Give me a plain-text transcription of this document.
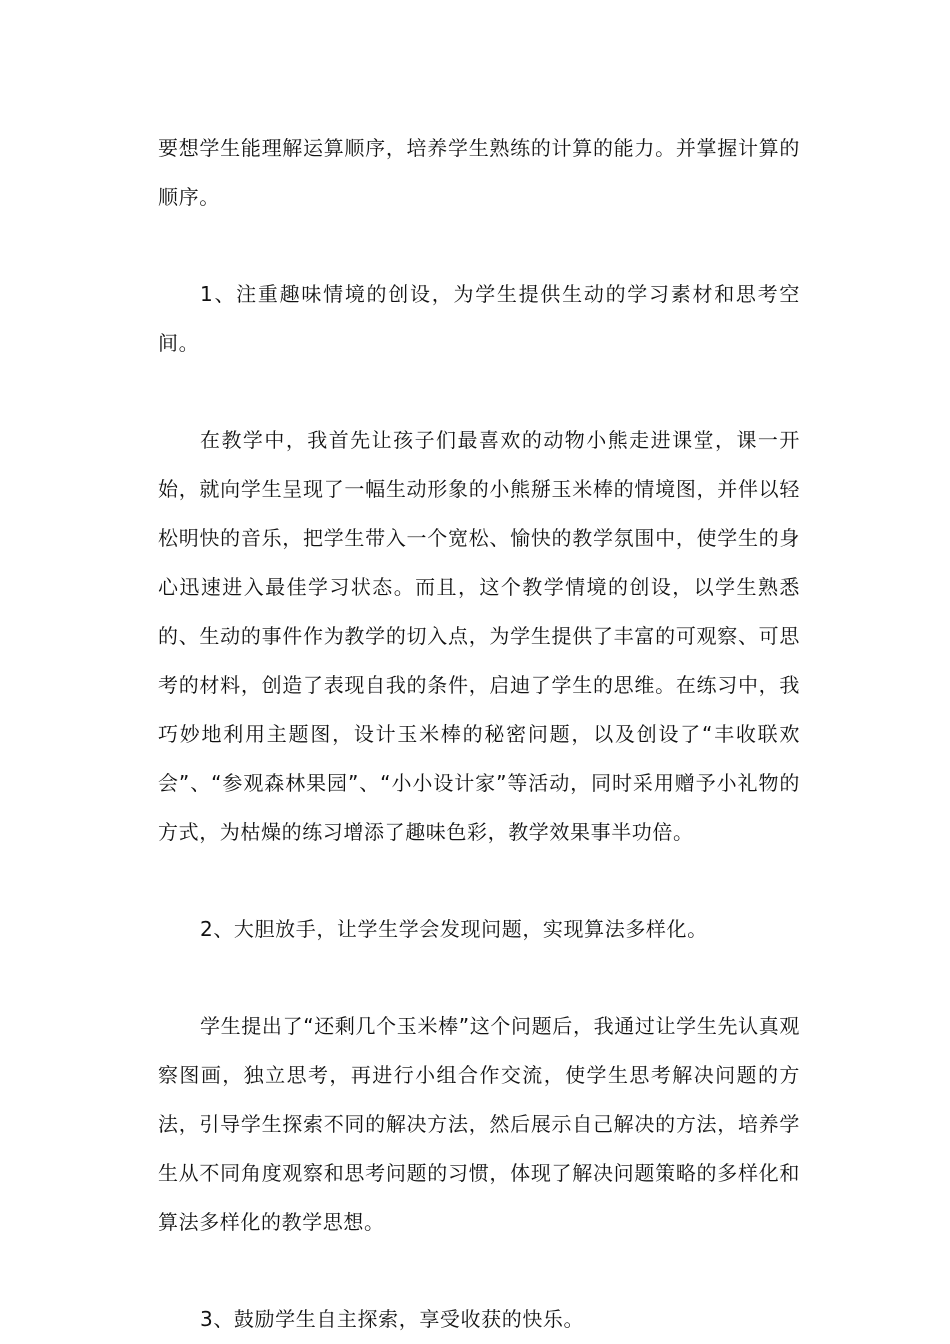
要想学生能理解运算顺序，培养学生熟练的计算的能力。并掌握计算的顺序。

1、注重趣味情境的创设，为学生提供生动的学习素材和思考空间。

在教学中，我首先让孩子们最喜欢的动物小熊走进课堂，课一开始，就向学生呈现了一幅生动形象的小熊掰玉米棒的情境图，并伴以轻松明快的音乐，把学生带入一个宽松、愉快的教学氛围中，使学生的身心迅速进入最佳学习状态。而且，这个教学情境的创设，以学生熟悉的、生动的事件作为教学的切入点，为学生提供了丰富的可观察、可思考的材料，创造了表现自我的条件，启迪了学生的思维。在练习中，我巧妙地利用主题图，设计玉米棒的秘密问题，以及创设了“丰收联欢会”、“参观森林果园”、“小小设计家”等活动，同时采用赠予小礼物的方式，为枯燥的练习增添了趣味色彩，教学效果事半功倍。

2、大胆放手，让学生学会发现问题，实现算法多样化。

学生提出了“还剩几个玉米棒”这个问题后，我通过让学生先认真观察图画，独立思考，再进行小组合作交流，使学生思考解决问题的方法，引导学生探索不同的解决方法，然后展示自己解决的方法，培养学生从不同角度观察和思考问题的习惯，体现了解决问题策略的多样化和算法多样化的教学思想。

3、鼓励学生自主探索，享受收获的快乐。
